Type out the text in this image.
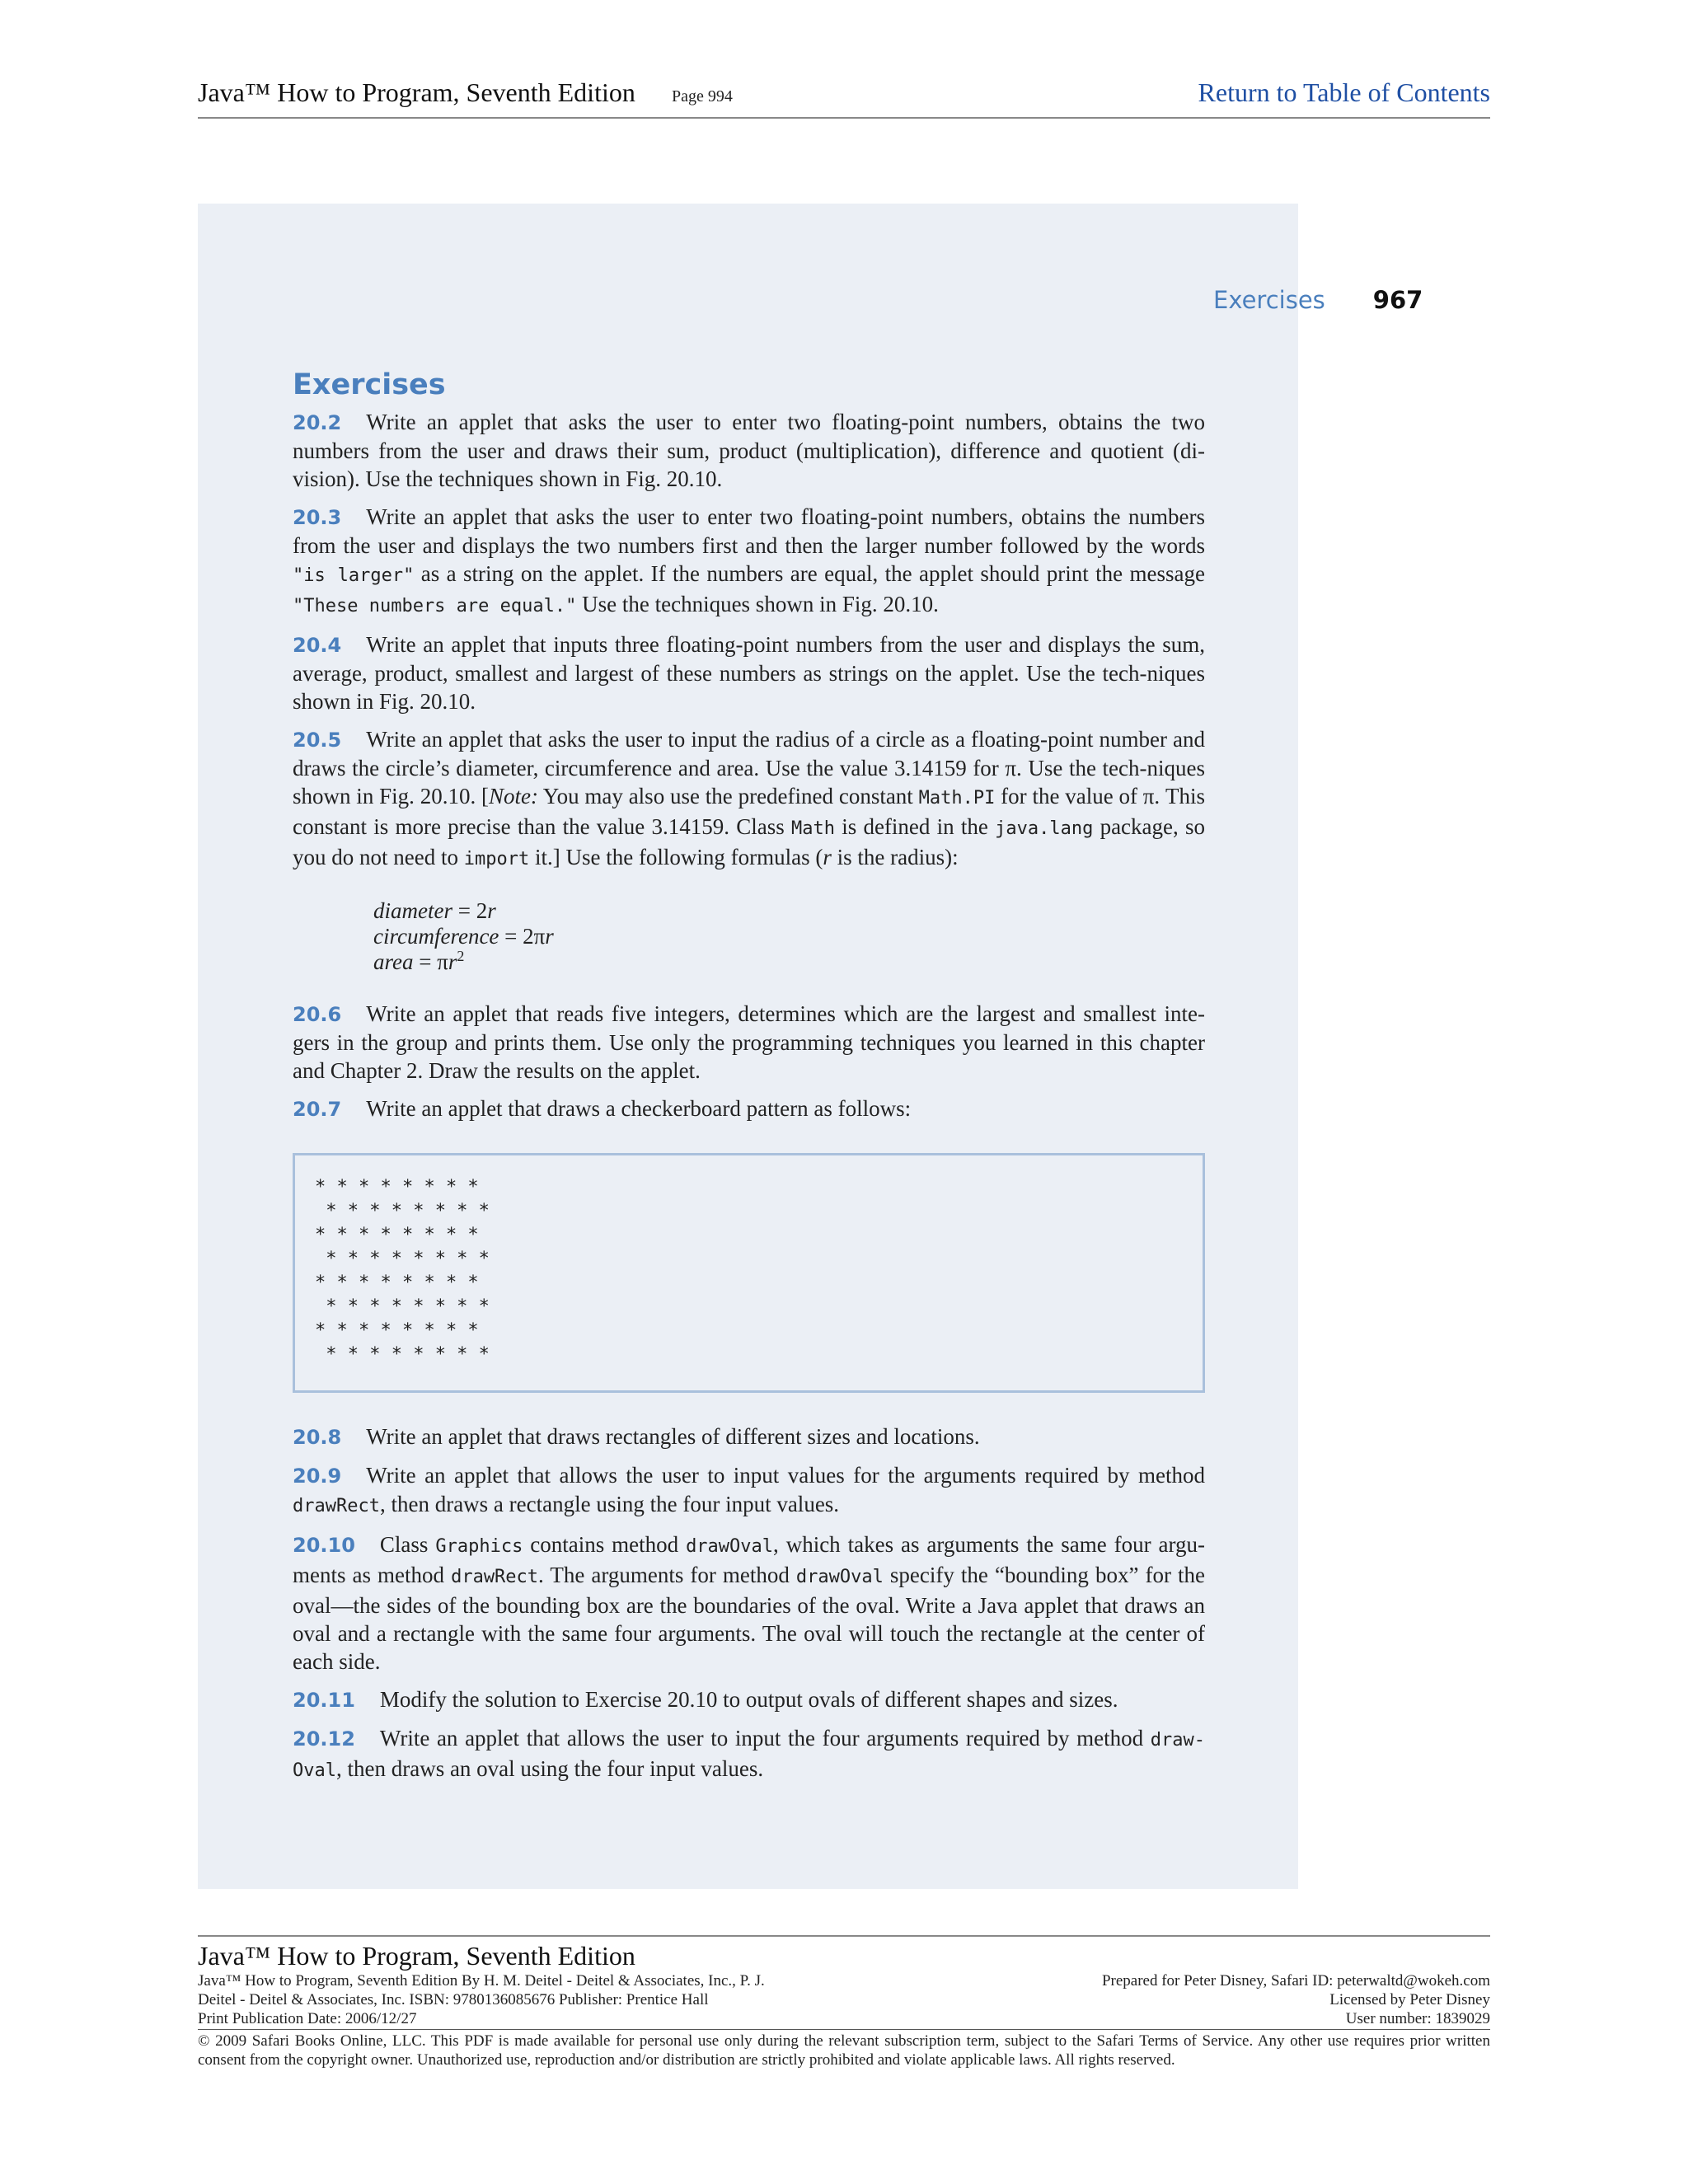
Java™ How to Program, Seventh Edition Page 994	Return to Table of Contents
Exercises 967
Exercises

20.2 Write an applet that asks the user to enter two floating-point numbers, obtains the two numbers from the user and draws their sum, product (multiplication), difference and quotient (di-vision). Use the techniques shown in Fig. 20.10.

20.3 Write an applet that asks the user to enter two floating-point numbers, obtains the numbers from the user and displays the two numbers first and then the larger number followed by the words "is larger" as a string on the applet. If the numbers are equal, the applet should print the message "These numbers are equal." Use the techniques shown in Fig. 20.10.

20.4 Write an applet that inputs three floating-point numbers from the user and displays the sum, average, product, smallest and largest of these numbers as strings on the applet. Use the tech-niques shown in Fig. 20.10.

20.5 Write an applet that asks the user to input the radius of a circle as a floating-point number and draws the circle’s diameter, circumference and area. Use the value 3.14159 for π. Use the tech-niques shown in Fig. 20.10. [Note: You may also use the predefined constant Math.PI for the value of π. This constant is more precise than the value 3.14159. Class Math is defined in the java.lang package, so you do not need to import it.] Use the following formulas (r is the radius):

diameter = 2r
circumference = 2πr
area = $\pi r^2$

20.6 Write an applet that reads five integers, determines which are the largest and smallest inte-gers in the group and prints them. Use only the programming techniques you learned in this chapter and Chapter 2. Draw the results on the applet.

20.7 Write an applet that draws a checkerboard pattern as follows:

* * * * * * * *
* * * * * * * *
* * * * * * * *
* * * * * * * *
* * * * * * * *
* * * * * * * *
* * * * * * * *
* * * * * * * *

20.8 Write an applet that draws rectangles of different sizes and locations.

20.9 Write an applet that allows the user to input values for the arguments required by method drawRect, then draws a rectangle using the four input values.

20.10 Class Graphics contains method drawOval, which takes as arguments the same four argu-ments as method drawRect. The arguments for method drawOval specify the “bounding box” for the oval—the sides of the bounding box are the boundaries of the oval. Write a Java applet that draws an oval and a rectangle with the same four arguments. The oval will touch the rectangle at the center of each side.

20.11 Modify the solution to Exercise 20.10 to output ovals of different shapes and sizes.

20.12 Write an applet that allows the user to input the four arguments required by method draw-Oval, then draws an oval using the four input values.

Java™ How to Program, Seventh Edition
Java™ How to Program, Seventh Edition By H. M. Deitel - Deitel & Associates, Inc., P. J.
Deitel - Deitel & Associates, Inc. ISBN: 9780136085676 Publisher: Prentice Hall
Print Publication Date: 2006/12/27
Prepared for Peter Disney, Safari ID: peterwaltd@wokeh.com
Licensed by Peter Disney
User number: 1839029
© 2009 Safari Books Online, LLC. This PDF is made available for personal use only during the relevant subscription term, subject to the Safari Terms of Service. Any other use requires prior written consent from the copyright owner. Unauthorized use, reproduction and/or distribution are strictly prohibited and violate applicable laws. All rights reserved.
